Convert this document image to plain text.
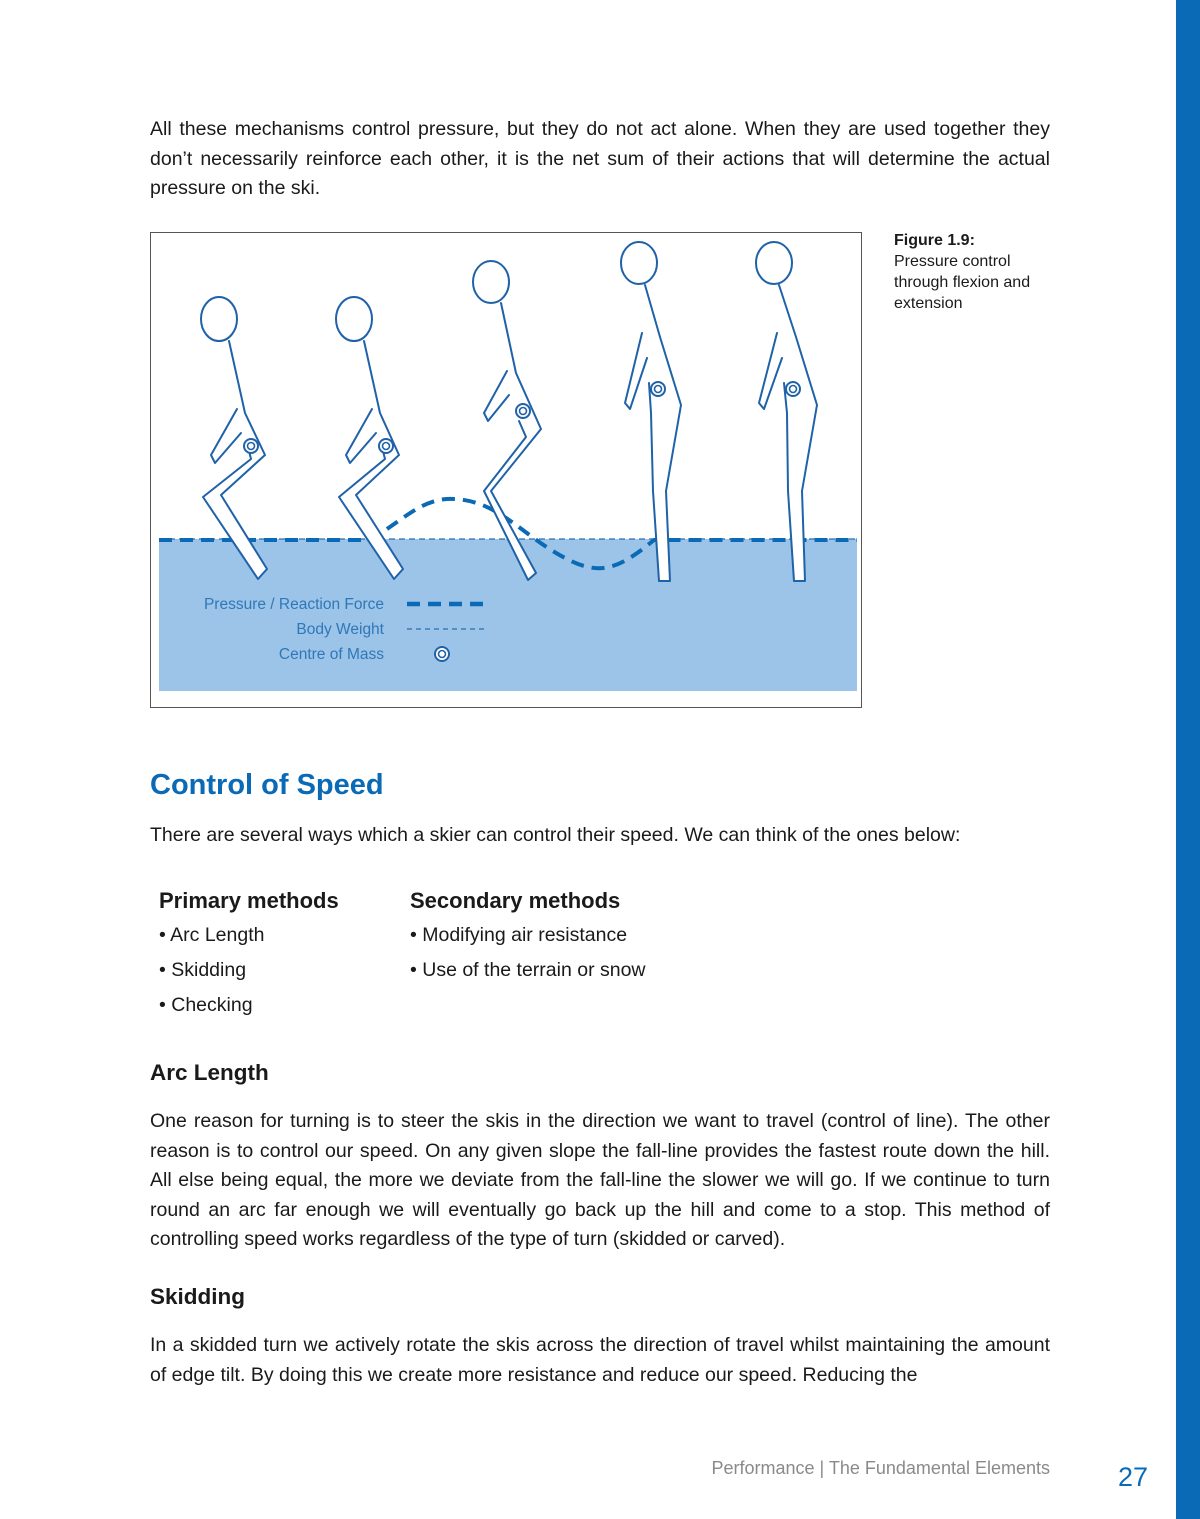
All these mechanisms control pressure, but they do not act alone. When they are used together they don’t necessarily reinforce each other, it is the net sum of their actions that will determine the actual pressure on the ski.

Pressure / Reaction Force
Body Weight
Centre of Mass
Figure 1.9:
Pressure control through flexion and extension
Control of Speed

There are several ways which a skier can control their speed. We can think of the ones below:

Primary methods
• Arc Length
• Skidding
• Checking
Secondary methods
• Modifying air resistance
• Use of the terrain or snow
Arc Length

One reason for turning is to steer the skis in the direction we want to travel (control of line). The other reason is to control our speed. On any given slope the fall-line provides the fastest route down the hill. All else being equal, the more we deviate from the fall-line the slower we will go. If we continue to turn round an arc far enough we will eventually go back up the hill and come to a stop. This method of controlling speed works regardless of the type of turn (skidded or carved).

Skidding

In a skidded turn we actively rotate the skis across the direction of travel whilst maintaining the amount of edge tilt. By doing this we create more resistance and reduce our speed. Reducing the

Performance | The Fundamental Elements	27
